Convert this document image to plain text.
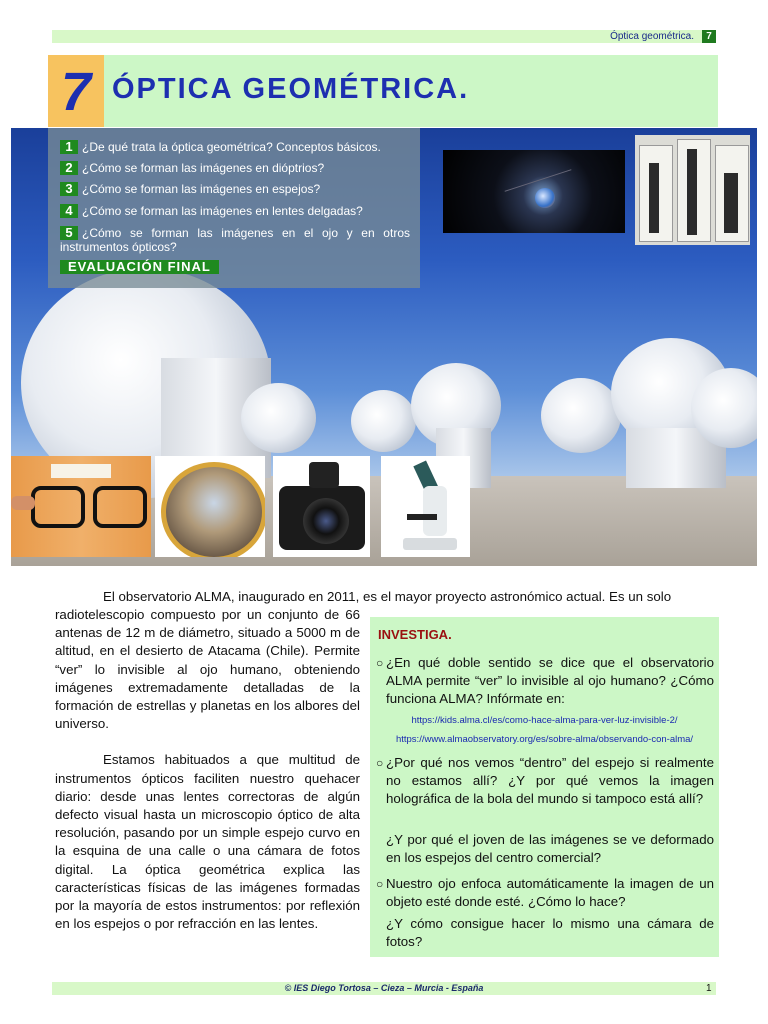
Óptica geométrica. 7
7 ÓPTICA GEOMÉTRICA.
1 ¿De qué trata la óptica geométrica? Conceptos básicos.
2 ¿Cómo se forman las imágenes en dióptrios?
3 ¿Cómo se forman las imágenes en espejos?
4 ¿Cómo se forman las imágenes en lentes delgadas?
5 ¿Cómo se forman las imágenes en el ojo y en otros instrumentos ópticos?
EVALUACIÓN FINAL
El observatorio ALMA, inaugurado en 2011, es el mayor proyecto astronómico actual. Es un solo

radiotelescopio compuesto por un conjunto de 66 antenas de 12 m de diámetro, situado a 5000 m de altitud, en el desierto de Atacama (Chile). Permite “ver” lo invisible al ojo humano, obteniendo imágenes extremadamente detalladas de la formación de estrellas y planetas en los albores del universo.

Estamos habituados a que multitud de instrumentos ópticos faciliten nuestro quehacer diario: desde unas lentes correctoras de algún defecto visual hasta un microscopio óptico de alta resolución, pasando por un simple espejo curvo en la esquina de una calle o una cámara de fotos digital. La óptica geométrica explica las características físicas de las imágenes formadas por la mayoría de estos instrumentos: por reflexión en los espejos o por refracción en las lentes.

INVESTIGA.
○ ¿En qué doble sentido se dice que el observatorio ALMA permite “ver” lo invisible al ojo humano? ¿Cómo funciona ALMA? Infórmate en:
https://kids.alma.cl/es/como-hace-alma-para-ver-luz-invisible-2/
https://www.almaobservatory.org/es/sobre-alma/observando-con-alma/
○ ¿Por qué nos vemos “dentro” del espejo si realmente no estamos allí? ¿Y por qué vemos la imagen holográfica de la bola del mundo si tampoco está allí?
¿Y por qué el joven de las imágenes se ve deformado en los espejos del centro comercial?
○ Nuestro ojo enfoca automáticamente la imagen de un objeto esté donde esté. ¿Cómo lo hace?
¿Y cómo consigue hacer lo mismo una cámara de fotos?
© IES Diego Tortosa – Cieza – Murcia - España	1
